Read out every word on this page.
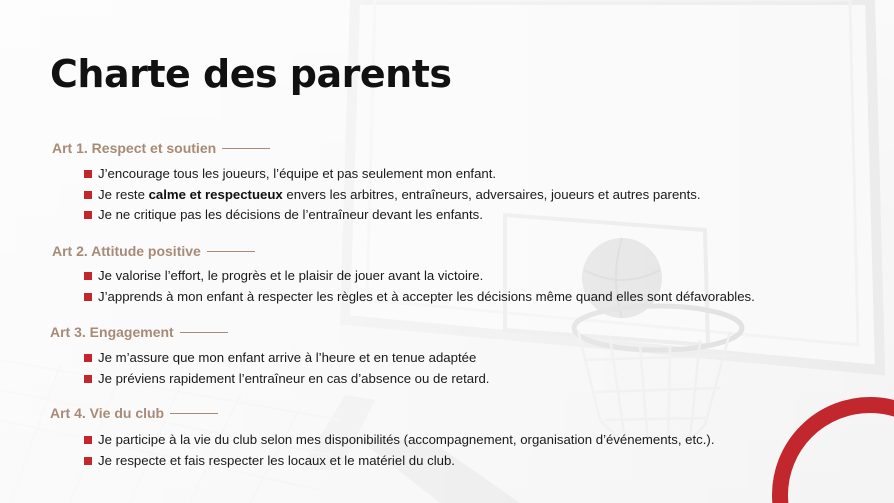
Charte des parents
Art 1. Respect et soutien
J’encourage tous les joueurs, l’équipe et pas seulement mon enfant.
Je reste calme et respectueux envers les arbitres, entraîneurs, adversaires, joueurs et autres parents.
Je ne critique pas les décisions de l’entraîneur devant les enfants.
Art 2. Attitude positive
Je valorise l’effort, le progrès et le plaisir de jouer avant la victoire.
J’apprends à mon enfant à respecter les règles et à accepter les décisions même quand elles sont défavorables.
Art 3. Engagement
Je m’assure que mon enfant arrive à l’heure et en tenue adaptée
Je préviens rapidement l’entraîneur en cas d’absence ou de retard.
Art 4. Vie du club
Je participe à la vie du club selon mes disponibilités (accompagnement, organisation d’événements, etc.).
Je respecte et fais respecter les locaux et le matériel du club.
